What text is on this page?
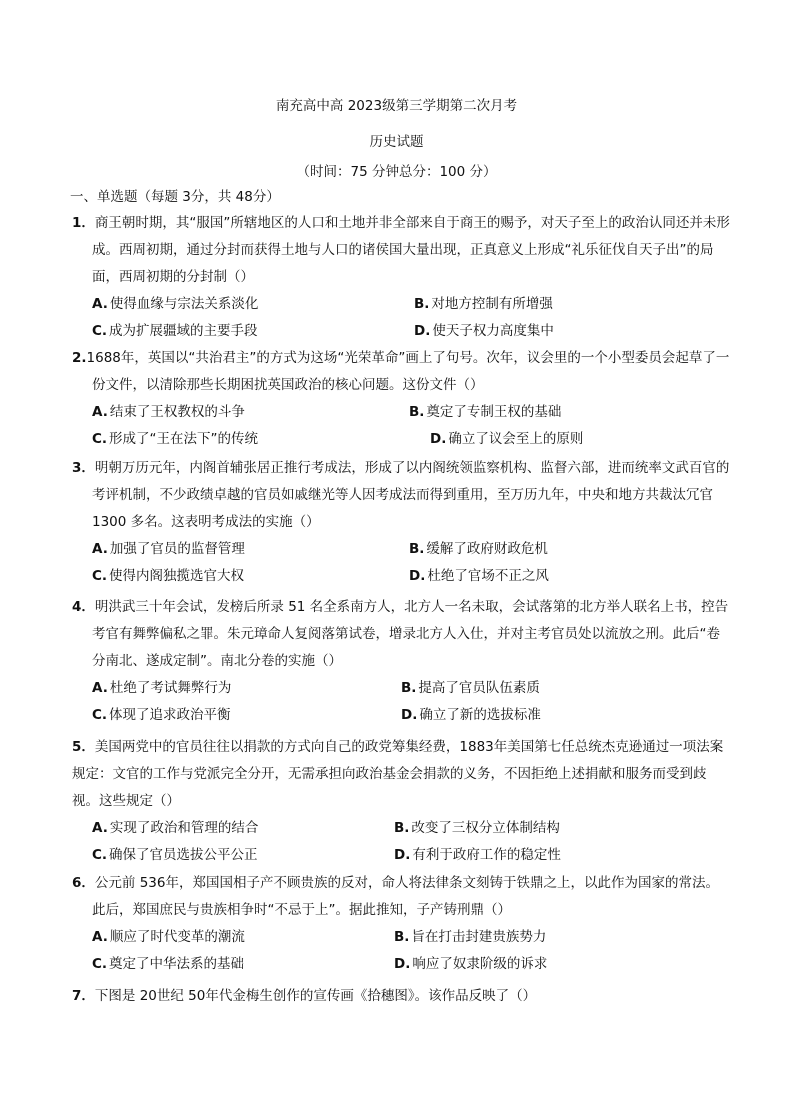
南充高中高 2023级第三学期第二次月考
历史试题
（时间：75 分钟总分：100 分）
一、单选题（每题 3分，共 48分）
1．商王朝时期，其“服国”所辖地区的人口和土地并非全部来自于商王的赐予，对天子至上的政治认同还并未形成。西周初期，通过分封而获得土地与人口的诸侯国大量出现，正真意义上形成“礼乐征伐自天子出”的局面，西周初期的分封制（）
A. 使得血缘与宗法关系淡化	B. 对地方控制有所增强
C. 成为扩展疆域的主要手段	D. 使天子权力高度集中
2.1688年，英国以“共治君主”的方式为这场“光荣革命”画上了句号。次年，议会里的一个小型委员会起草了一份文件，以清除那些长期困扰英国政治的核心问题。这份文件（）
A. 结束了王权教权的斗争	B. 奠定了专制王权的基础
C. 形成了“王在法下”的传统	D. 确立了议会至上的原则
3．明朝万历元年，内阁首辅张居正推行考成法，形成了以内阁统领监察机构、监督六部，进而统率文武百官的考评机制，不少政绩卓越的官员如戚继光等人因考成法而得到重用，至万历九年，中央和地方共裁汰冗官 1300 多名。这表明考成法的实施（）
A. 加强了官员的监督管理	B. 缓解了政府财政危机
C. 使得内阁独揽选官大权	D. 杜绝了官场不正之风
4．明洪武三十年会试，发榜后所录 51 名全系南方人，北方人一名未取，会试落第的北方举人联名上书，控告考官有舞弊偏私之罪。朱元璋命人复阅落第试卷，增录北方人入仕，并对主考官员处以流放之刑。此后“卷分南北、遂成定制”。南北分卷的实施（）
A. 杜绝了考试舞弊行为	B. 提高了官员队伍素质
C. 体现了追求政治平衡	D. 确立了新的选拔标准
5．美国两党中的官员往往以捐款的方式向自己的政党筹集经费，1883年美国第七任总统杰克逊通过一项法案规定：文官的工作与党派完全分开，无需承担向政治基金会捐款的义务，不因拒绝上述捐献和服务而受到歧视。这些规定（）
A. 实现了政治和管理的结合	B. 改变了三权分立体制结构
C. 确保了官员选拔公平公正	D. 有利于政府工作的稳定性
6．公元前 536年，郑国国相子产不顾贵族的反对，命人将法律条文刻铸于铁鼎之上，以此作为国家的常法。此后，郑国庶民与贵族相争时“不忌于上”。据此推知，子产铸刑鼎（）
A. 顺应了时代变革的潮流	B. 旨在打击封建贵族势力
C. 奠定了中华法系的基础	D. 响应了奴隶阶级的诉求
7．下图是 20世纪 50年代金梅生创作的宣传画《拾穗图》。该作品反映了（）
